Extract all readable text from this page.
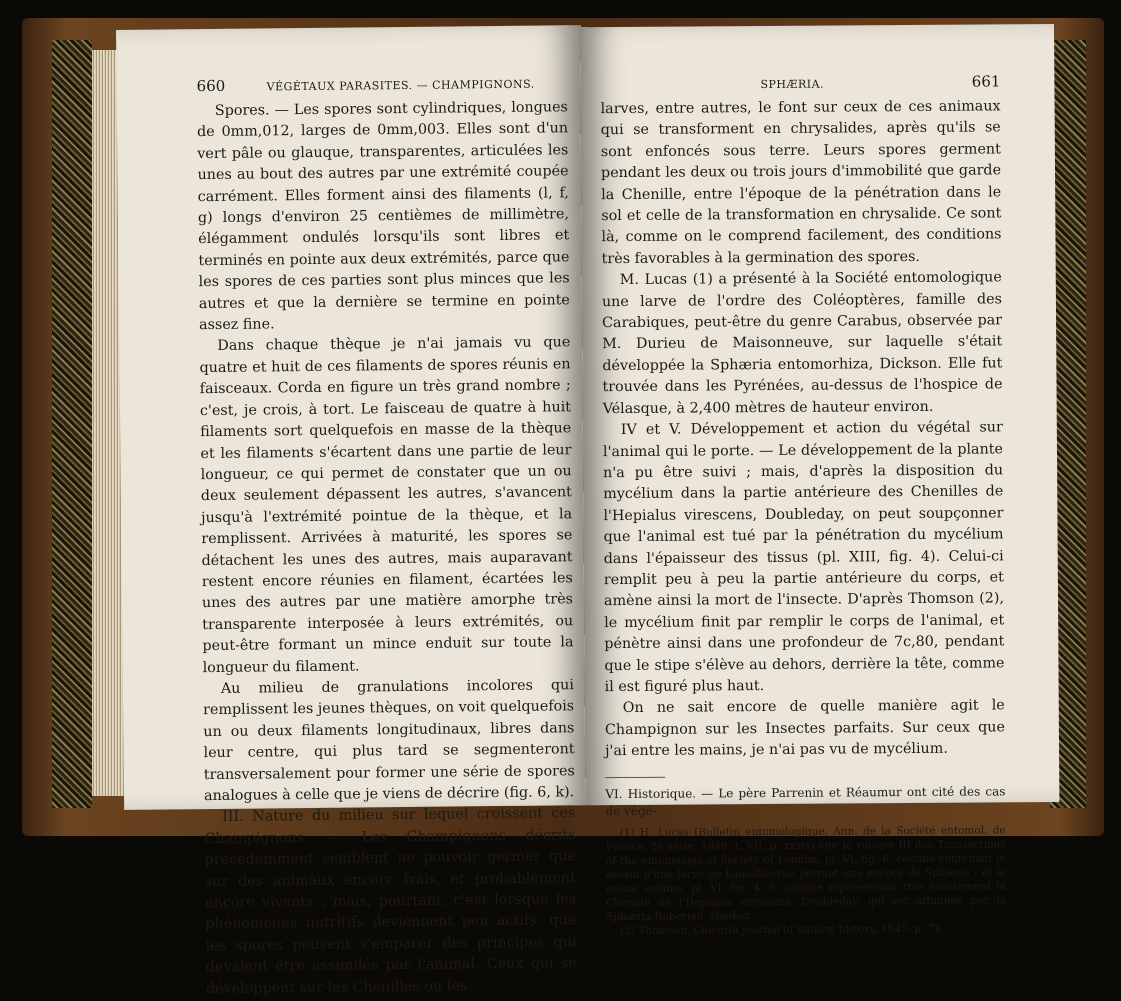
660	VÉGÉTAUX PARASITES. — CHAMPIGNONS.

Spores. — Les spores sont cylindriques, longues de 0mm,012, larges de 0mm,003. Elles sont d'un vert pâle ou glauque, transparentes, articulées les unes au bout des autres par une extrémité coupée carrément. Elles forment ainsi des filaments (l, f, g) longs d'environ 25 centièmes de millimètre, élégamment ondulés lorsqu'ils sont libres et terminés en pointe aux deux extrémités, parce que les spores de ces parties sont plus minces que les autres et que la dernière se termine en pointe assez fine.

Dans chaque thèque je n'ai jamais vu que quatre et huit de ces filaments de spores réunis en faisceaux. Corda en figure un très grand nombre ; c'est, je crois, à tort. Le faisceau de quatre à huit filaments sort quelquefois en masse de la thèque et les filaments s'écartent dans une partie de leur longueur, ce qui permet de constater que un ou deux seulement dépassent les autres, s'avancent jusqu'à l'extrémité pointue de la thèque, et la remplissent. Arrivées à maturité, les spores se détachent les unes des autres, mais auparavant restent encore réunies en filament, écartées les unes des autres par une matière amorphe très transparente interposée à leurs extrémités, ou peut-être formant un mince enduit sur toute la longueur du filament.

Au milieu de granulations incolores qui remplissent les jeunes thèques, on voit quelquefois un ou deux filaments longitudinaux, libres dans leur centre, qui plus tard se segmenteront transversalement pour former une série de spores analogues à celle que je viens de décrire (fig. 6, k).

III. Nature du milieu sur lequel croissent ces Champignons. — Les Champignons décrits précédemment semblent ne pouvoir germer que sur des animaux encore frais, et probablement encore vivants ; mais, pourtant, c'est lorsque les phénomènes nutritifs deviennent peu actifs, que les spores peuvent s'emparer des principes qui devaient être assimilés par l'animal. Ceux qui se développent sur les Chenilles ou les

SPHÆRIA.	661

larves, entre autres, le font sur ceux de ces animaux qui se transforment en chrysalides, après qu'ils se sont enfoncés sous terre. Leurs spores germent pendant les deux ou trois jours d'immobilité que garde la Chenille, entre l'époque de la pénétration dans le sol et celle de la transformation en chrysalide. Ce sont là, comme on le comprend facilement, des conditions très favorables à la germination des spores.

M. Lucas (1) a présenté à la Société entomologique une larve de l'ordre des Coléoptères, famille des Carabiques, peut-être du genre Carabus, observée par M. Durieu de Maisonneuve, sur laquelle s'était développée la Sphæria entomorhiza, Dickson. Elle fut trouvée dans les Pyrénées, au-dessus de l'hospice de Vélasque, à 2,400 mètres de hauteur environ.

IV et V. Développement et action du végétal sur l'animal qui le porte. — Le développement de la plante n'a pu être suivi ; mais, d'après la disposition du mycélium dans la partie antérieure des Chenilles de l'Hepialus virescens, Doubleday, on peut soupçonner que l'animal est tué par la pénétration du mycélium dans l'épaisseur des tissus (pl. XIII, fig. 4). Celui-ci remplit peu à peu la partie antérieure du corps, et amène ainsi la mort de l'insecte. D'après Thomson (2), le mycélium finit par remplir le corps de l'animal, et pénètre ainsi dans une profondeur de 7c,80, pendant que le stipe s'élève au dehors, derrière la tête, comme il est figuré plus haut.

On ne sait encore de quelle manière agit le Champignon sur les Insectes parfaits. Sur ceux que j'ai entre les mains, je n'ai pas vu de mycélium.

VI. Historique. — Le père Parrenin et Réaumur ont cité des cas de végé-

(1) H. Lucas (Bulletin entomologique, Ann. de la Société entomol. de France, 2e série, 1849, t. VII, p. xxxix) cite le volume III des Transactions of the entomological Society of London, pl. VI, fig. 6, comme contenant le dessin d'une larve de Lamellicorne portant une espèce de Sphæria ; et le même volume, pl. VI, fig. 4, 5, comme représentant très exactement la Chenille de l'Hepialus virescens, Doubleday, qui est attaquée par la Sphæria Robertsii, Hooker.

(2) Thomson, Calcutta journal of natural history, 1845, p. 71.
